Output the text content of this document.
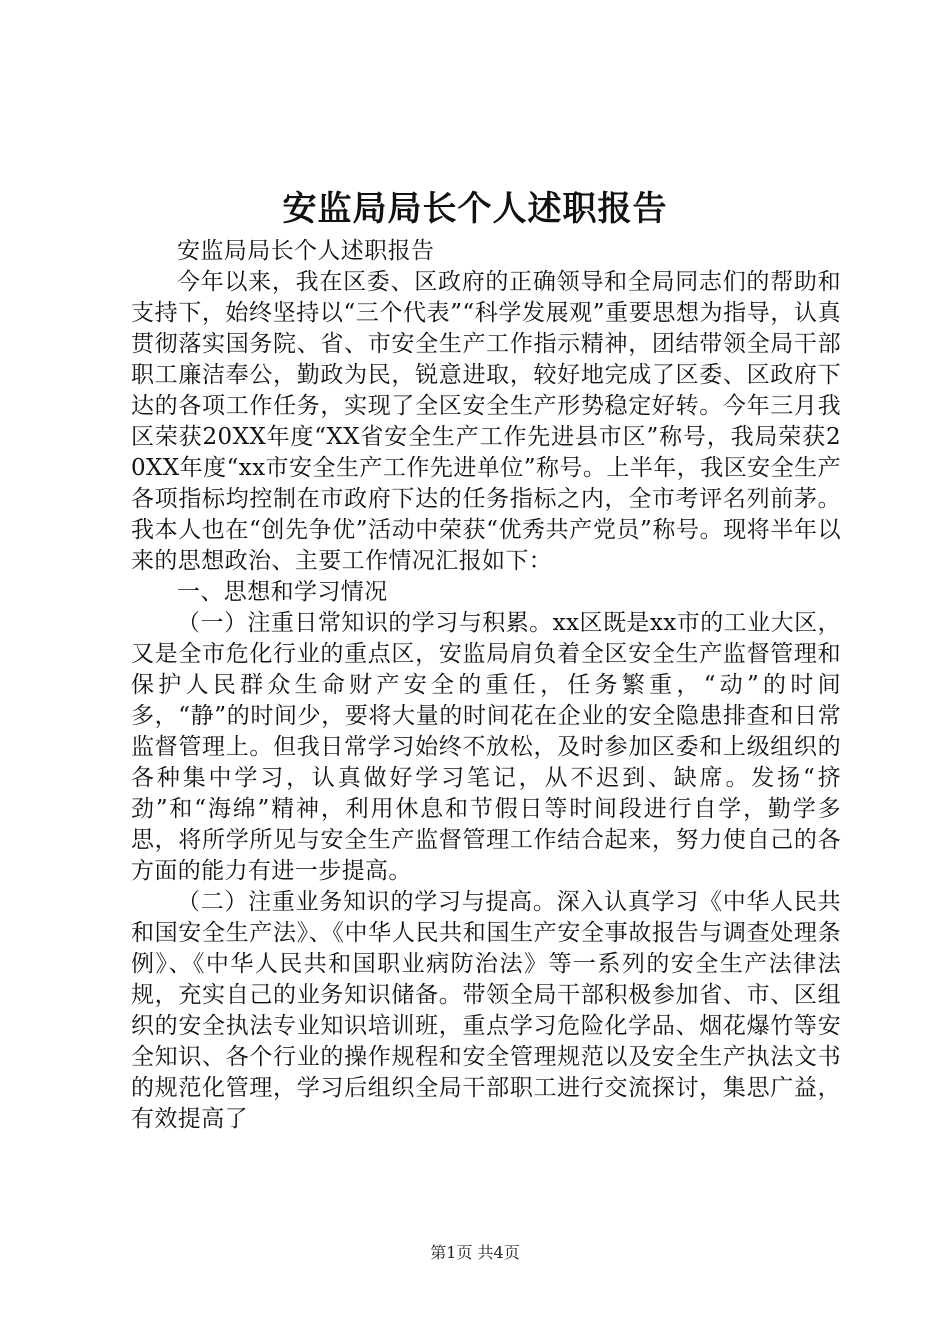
安监局局长个人述职报告

安监局局长个人述职报告

今年以来，我在区委、区政府的正确领导和全局同志们的帮助和支持下，始终坚持以“三个代表”“科学发展观”重要思想为指导，认真贯彻落实国务院、省、市安全生产工作指示精神，团结带领全局干部职工廉洁奉公，勤政为民，锐意进取，较好地完成了区委、区政府下达的各项工作任务，实现了全区安全生产形势稳定好转。今年三月我区荣获20XX年度“XX省安全生产工作先进县市区”称号，我局荣获20XX年度“xx市安全生产工作先进单位”称号。上半年，我区安全生产各项指标均控制在市政府下达的任务指标之内，全市考评名列前茅。我本人也在“创先争优”活动中荣获“优秀共产党员”称号。现将半年以来的思想政治、主要工作情况汇报如下：

一、思想和学习情况

（一）注重日常知识的学习与积累。xx区既是xx市的工业大区，又是全市危化行业的重点区，安监局肩负着全区安全生产监督管理和保护人民群众生命财产安全的重任，任务繁重，“动”的时间多，“静”的时间少，要将大量的时间花在企业的安全隐患排查和日常监督管理上。但我日常学习始终不放松，及时参加区委和上级组织的各种集中学习，认真做好学习笔记，从不迟到、缺席。发扬“挤劲”和“海绵”精神，利用休息和节假日等时间段进行自学，勤学多思，将所学所见与安全生产监督管理工作结合起来，努力使自己的各方面的能力有进一步提高。

（二）注重业务知识的学习与提高。深入认真学习《中华人民共和国安全生产法》、《中华人民共和国生产安全事故报告与调查处理条例》、《中华人民共和国职业病防治法》等一系列的安全生产法律法规，充实自己的业务知识储备。带领全局干部积极参加省、市、区组织的安全执法专业知识培训班，重点学习危险化学品、烟花爆竹等安全知识、各个行业的操作规程和安全管理规范以及安全生产执法文书的规范化管理，学习后组织全局干部职工进行交流探讨，集思广益，有效提高了

第1页 共4页
